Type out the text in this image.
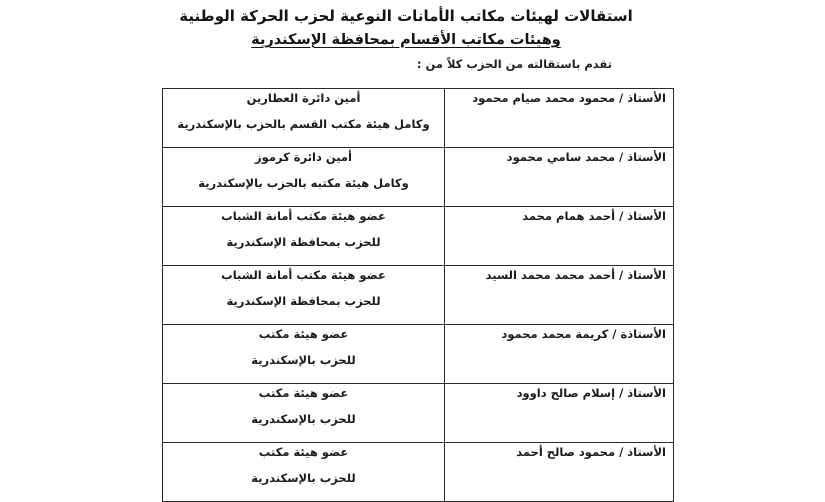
استقالات لهيئات مكاتب الأمانات النوعية لحزب الحركة الوطنية
وهيئات مكاتب الأقسام بمحافظة الإسكندرية
تقدم باستقالته من الحزب كلاً من :
الأستاذ / محمود محمد صيام محمود	أمين دائرة العطارين
وكامل هيئة مكتب القسم بالحزب بالإسكندرية

الأستاذ / محمد سامي محمود	أمين دائرة كرموز
وكامل هيئة مكتبه بالحزب بالإسكندرية

الأستاذ / أحمد همام محمد	عضو هيئة مكتب أمانة الشباب
للحزب بمحافظة الإسكندرية

الأستاذ / أحمد محمد محمد السيد	عضو هيئة مكتب أمانة الشباب
للحزب بمحافظة الإسكندرية

الأستاذة / كريمة محمد محمود	عضو هيئة مكتب
للحزب بالإسكندرية

الأستاذ / إسلام صالح داوود	عضو هيئة مكتب
للحزب بالإسكندرية

الأستاذ / محمود صالح أحمد	عضو هيئة مكتب
للحزب بالإسكندرية
